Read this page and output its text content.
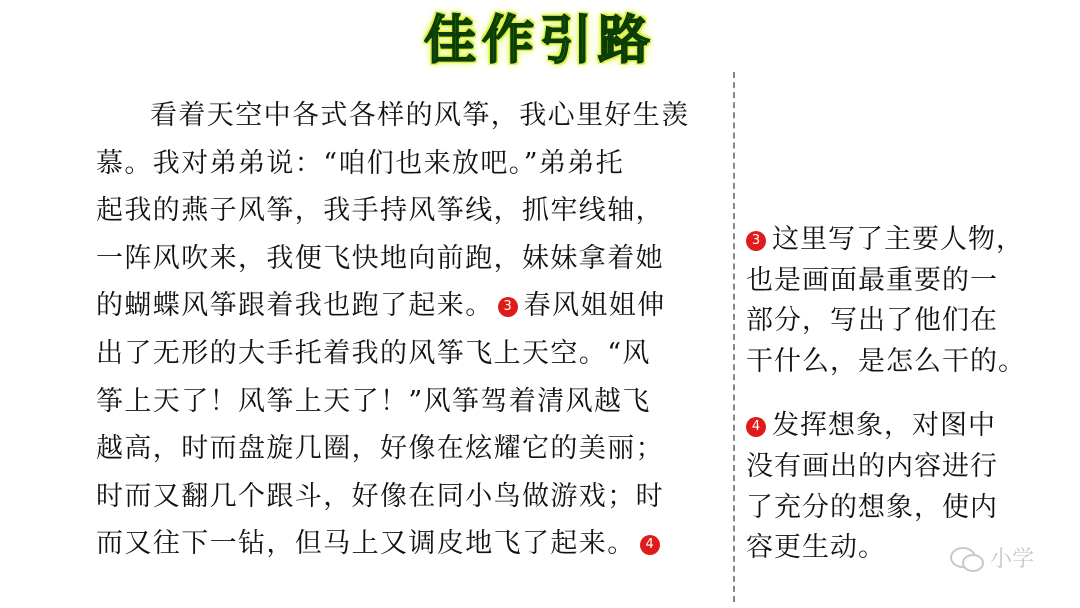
佳作引路
看着天空中各式各样的风筝，我心里好生羡
慕。我对弟弟说：“咱们也来放吧。”弟弟托
起我的燕子风筝，我手持风筝线，抓牢线轴，
一阵风吹来，我便飞快地向前跑，妹妹拿着她
的蝴蝶风筝跟着我也跑了起来。 3 春风姐姐伸
出了无形的大手托着我的风筝飞上天空。“风
筝上天了！风筝上天了！”风筝驾着清风越飞
越高，时而盘旋几圈，好像在炫耀它的美丽；
时而又翻几个跟斗，好像在同小鸟做游戏；时
而又往下一钻，但马上又调皮地飞了起来。 4
3 这里写了主要人物，
也是画面最重要的一
部分，写出了他们在
干什么，是怎么干的。
4 发挥想象，对图中
没有画出的内容进行
了充分的想象，使内
容更生动。	小学
